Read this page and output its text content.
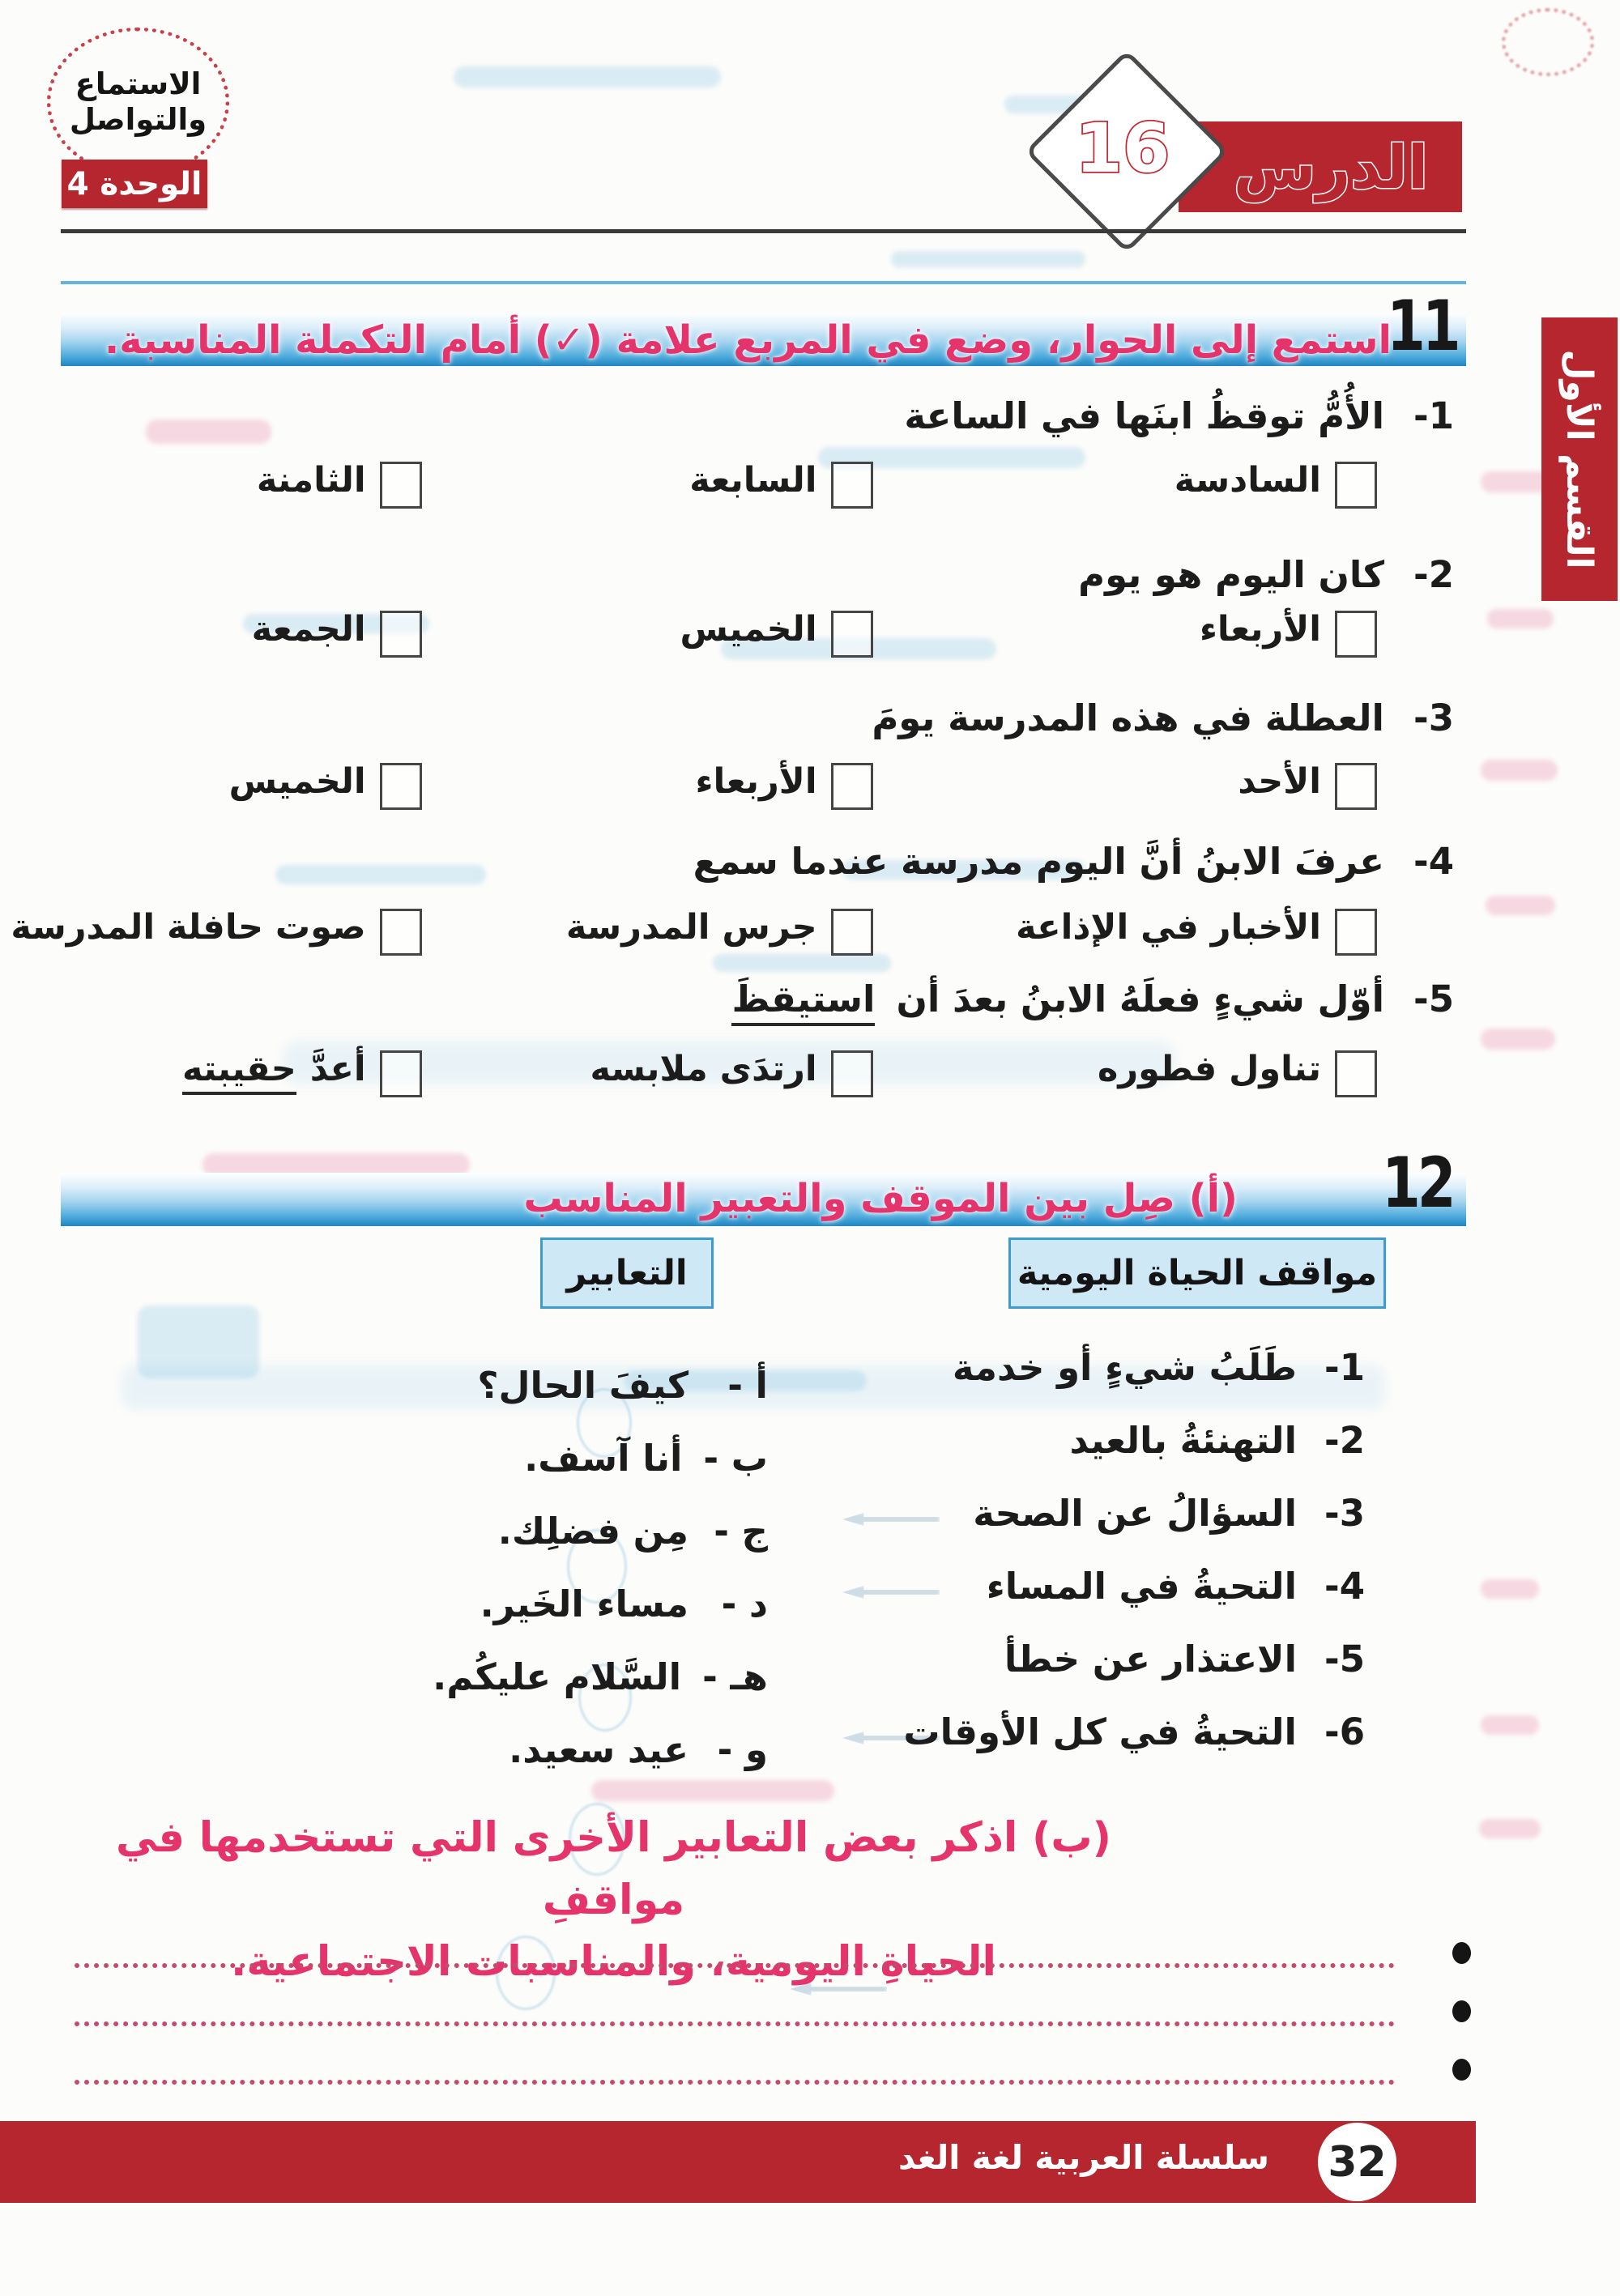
الاستماع
والتواصل
الوحدة 4	الدرس
16
القسم الأول
استمع إلى الحوار، وضع في المربع علامة (✓) أمام التكملة المناسبة.
11
1-
الأُمُّ توقظُ ابنَها في الساعة
السادسة
السابعة
الثامنة
2-
كان اليوم هو يوم
الأربعاء
الخميس
الجمعة
3-
العطلة في هذه المدرسة يومَ
الأحد
الأربعاء
الخميس
4-
عرفَ الابنُ أنَّ اليوم مدرسة عندما سمع
الأخبار في الإذاعة
جرس المدرسة
صوت حافلة المدرسة
5-
أوّل شيءٍ فعلَهُ الابنُ بعدَ أن
استيقظَ
تناول فطوره
ارتدَى ملابسه
أعدَّ
حقيبته
(أ) صِل بين الموقف والتعبير المناسب 12
مواقف الحياة اليومية
التعابير
1-
طَلَبُ شيءٍ أو خدمة
2-
التهنئةُ بالعيد
3-
السؤالُ عن الصحة
4-
التحيةُ في المساء
5-
الاعتذار عن خطأ
6-
التحيةُ في كل الأوقات
أ -
كيفَ الحال؟
ب -
أنا آسف.
ج -
مِن فضلِك.
د -
مساء الخَير.
هـ -
السَّلام عليكُم.
و -
عيد سعيد.
(ب) اذكر بعض التعابير الأخرى التي تستخدمها في مواقفِ
الحياةِ اليومية، والمناسبات الاجتماعية.
سلسلة العربية لغة الغد 32
